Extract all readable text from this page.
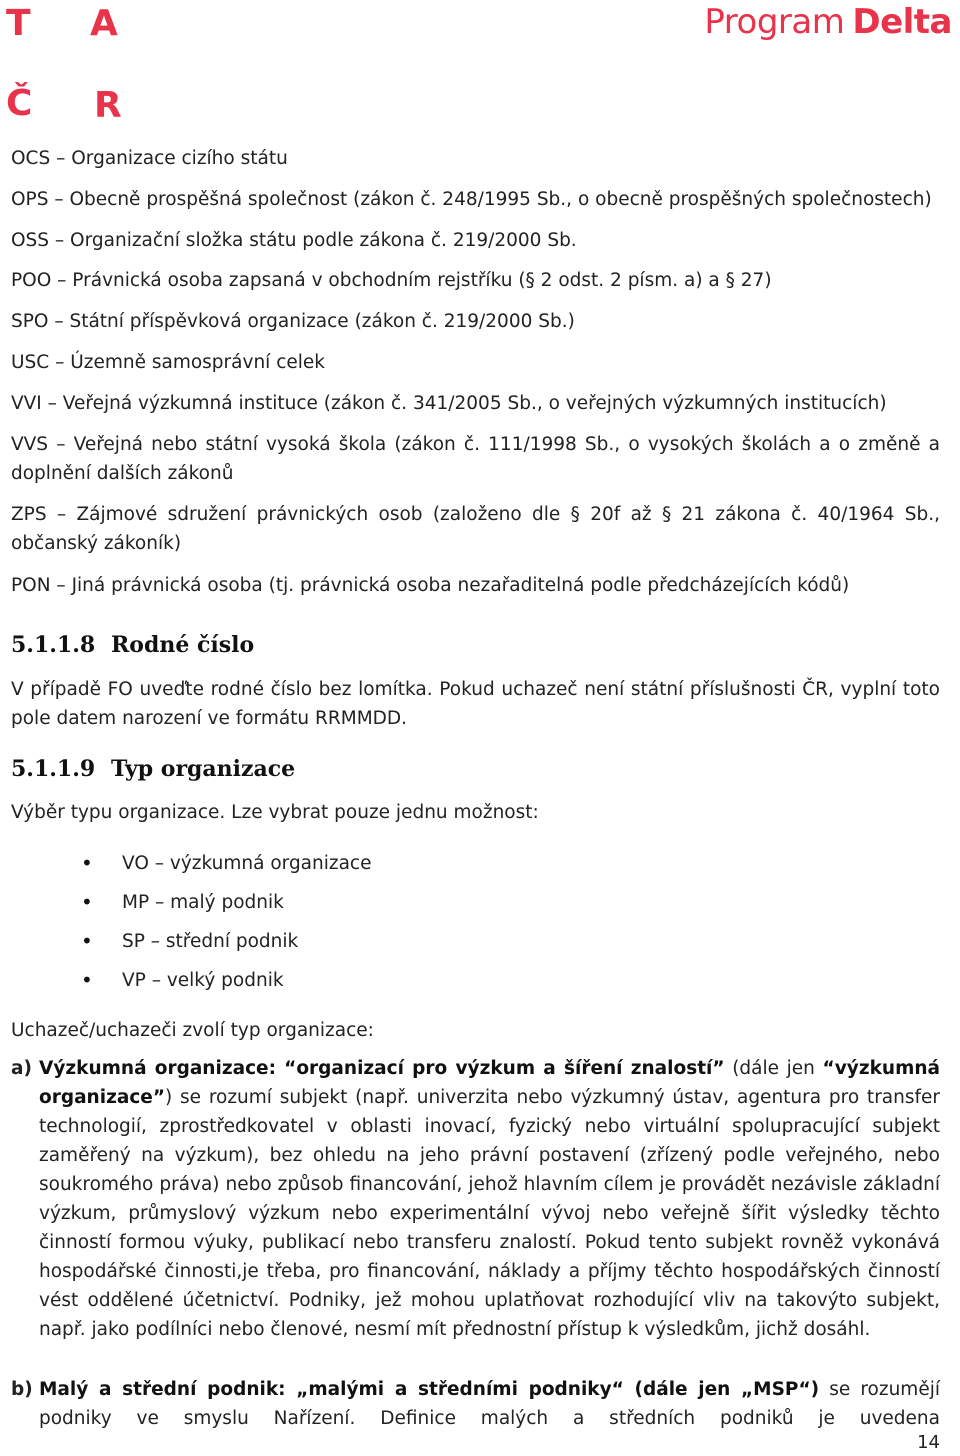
T A
Č R
Program Delta

OCS – Organizace cizího státu

OPS – Obecně prospěšná společnost (zákon č. 248/1995 Sb., o obecně prospěšných společnostech)

OSS – Organizační složka státu podle zákona č. 219/2000 Sb.

POO – Právnická osoba zapsaná v obchodním rejstříku (§ 2 odst. 2 písm. a) a § 27)

SPO – Státní příspěvková organizace (zákon č. 219/2000 Sb.)

USC – Územně samosprávní celek

VVI – Veřejná výzkumná instituce (zákon č. 341/2005 Sb., o veřejných výzkumných institucích)

VVS – Veřejná nebo státní vysoká škola (zákon č. 111/1998 Sb., o vysokých školách a o změně a doplnění dalších zákonů

ZPS – Zájmové sdružení právnických osob (založeno dle § 20f až § 21 zákona č. 40/1964 Sb., občanský zákoník)

PON – Jiná právnická osoba (tj. právnická osoba nezařaditelná podle předcházejících kódů)

5.1.1.8 Rodné číslo

V případě FO uveďte rodné číslo bez lomítka. Pokud uchazeč není státní příslušnosti ČR, vyplní toto pole datem narození ve formátu RRMMDD.

5.1.1.9 Typ organizace

Výběr typu organizace. Lze vybrat pouze jednu možnost:

• VO – výzkumná organizace
• MP – malý podnik
• SP – střední podnik
• VP – velký podnik

Uchazeč/uchazeči zvolí typ organizace:

a) Výzkumná organizace: “organizací pro výzkum a šíření znalostí” (dále jen “výzkumná organizace”) se rozumí subjekt (např. univerzita nebo výzkumný ústav, agentura pro transfer technologií, zprostředkovatel v oblasti inovací, fyzický nebo virtuální spolupracující subjekt zaměřený na výzkum), bez ohledu na jeho právní postavení (zřízený podle veřejného, nebo soukromého práva) nebo způsob financování, jehož hlavním cílem je provádět nezávisle základní výzkum, průmyslový výzkum nebo experimentální vývoj nebo veřejně šířit výsledky těchto činností formou výuky, publikací nebo transferu znalostí. Pokud tento subjekt rovněž vykonává hospodářské činnosti,je třeba, pro financování, náklady a příjmy těchto hospodářských činností vést oddělené účetnictví. Podniky, jež mohou uplatňovat rozhodující vliv na takovýto subjekt, např. jako podílníci nebo členové, nesmí mít přednostní přístup k výsledkům, jichž dosáhl.

b) Malý a střední podnik: „malými a středními podniky“ (dále jen „MSP“) se rozumějí podniky ve smyslu Nařízení. Definice malých a středních podniků je uvedena

14
